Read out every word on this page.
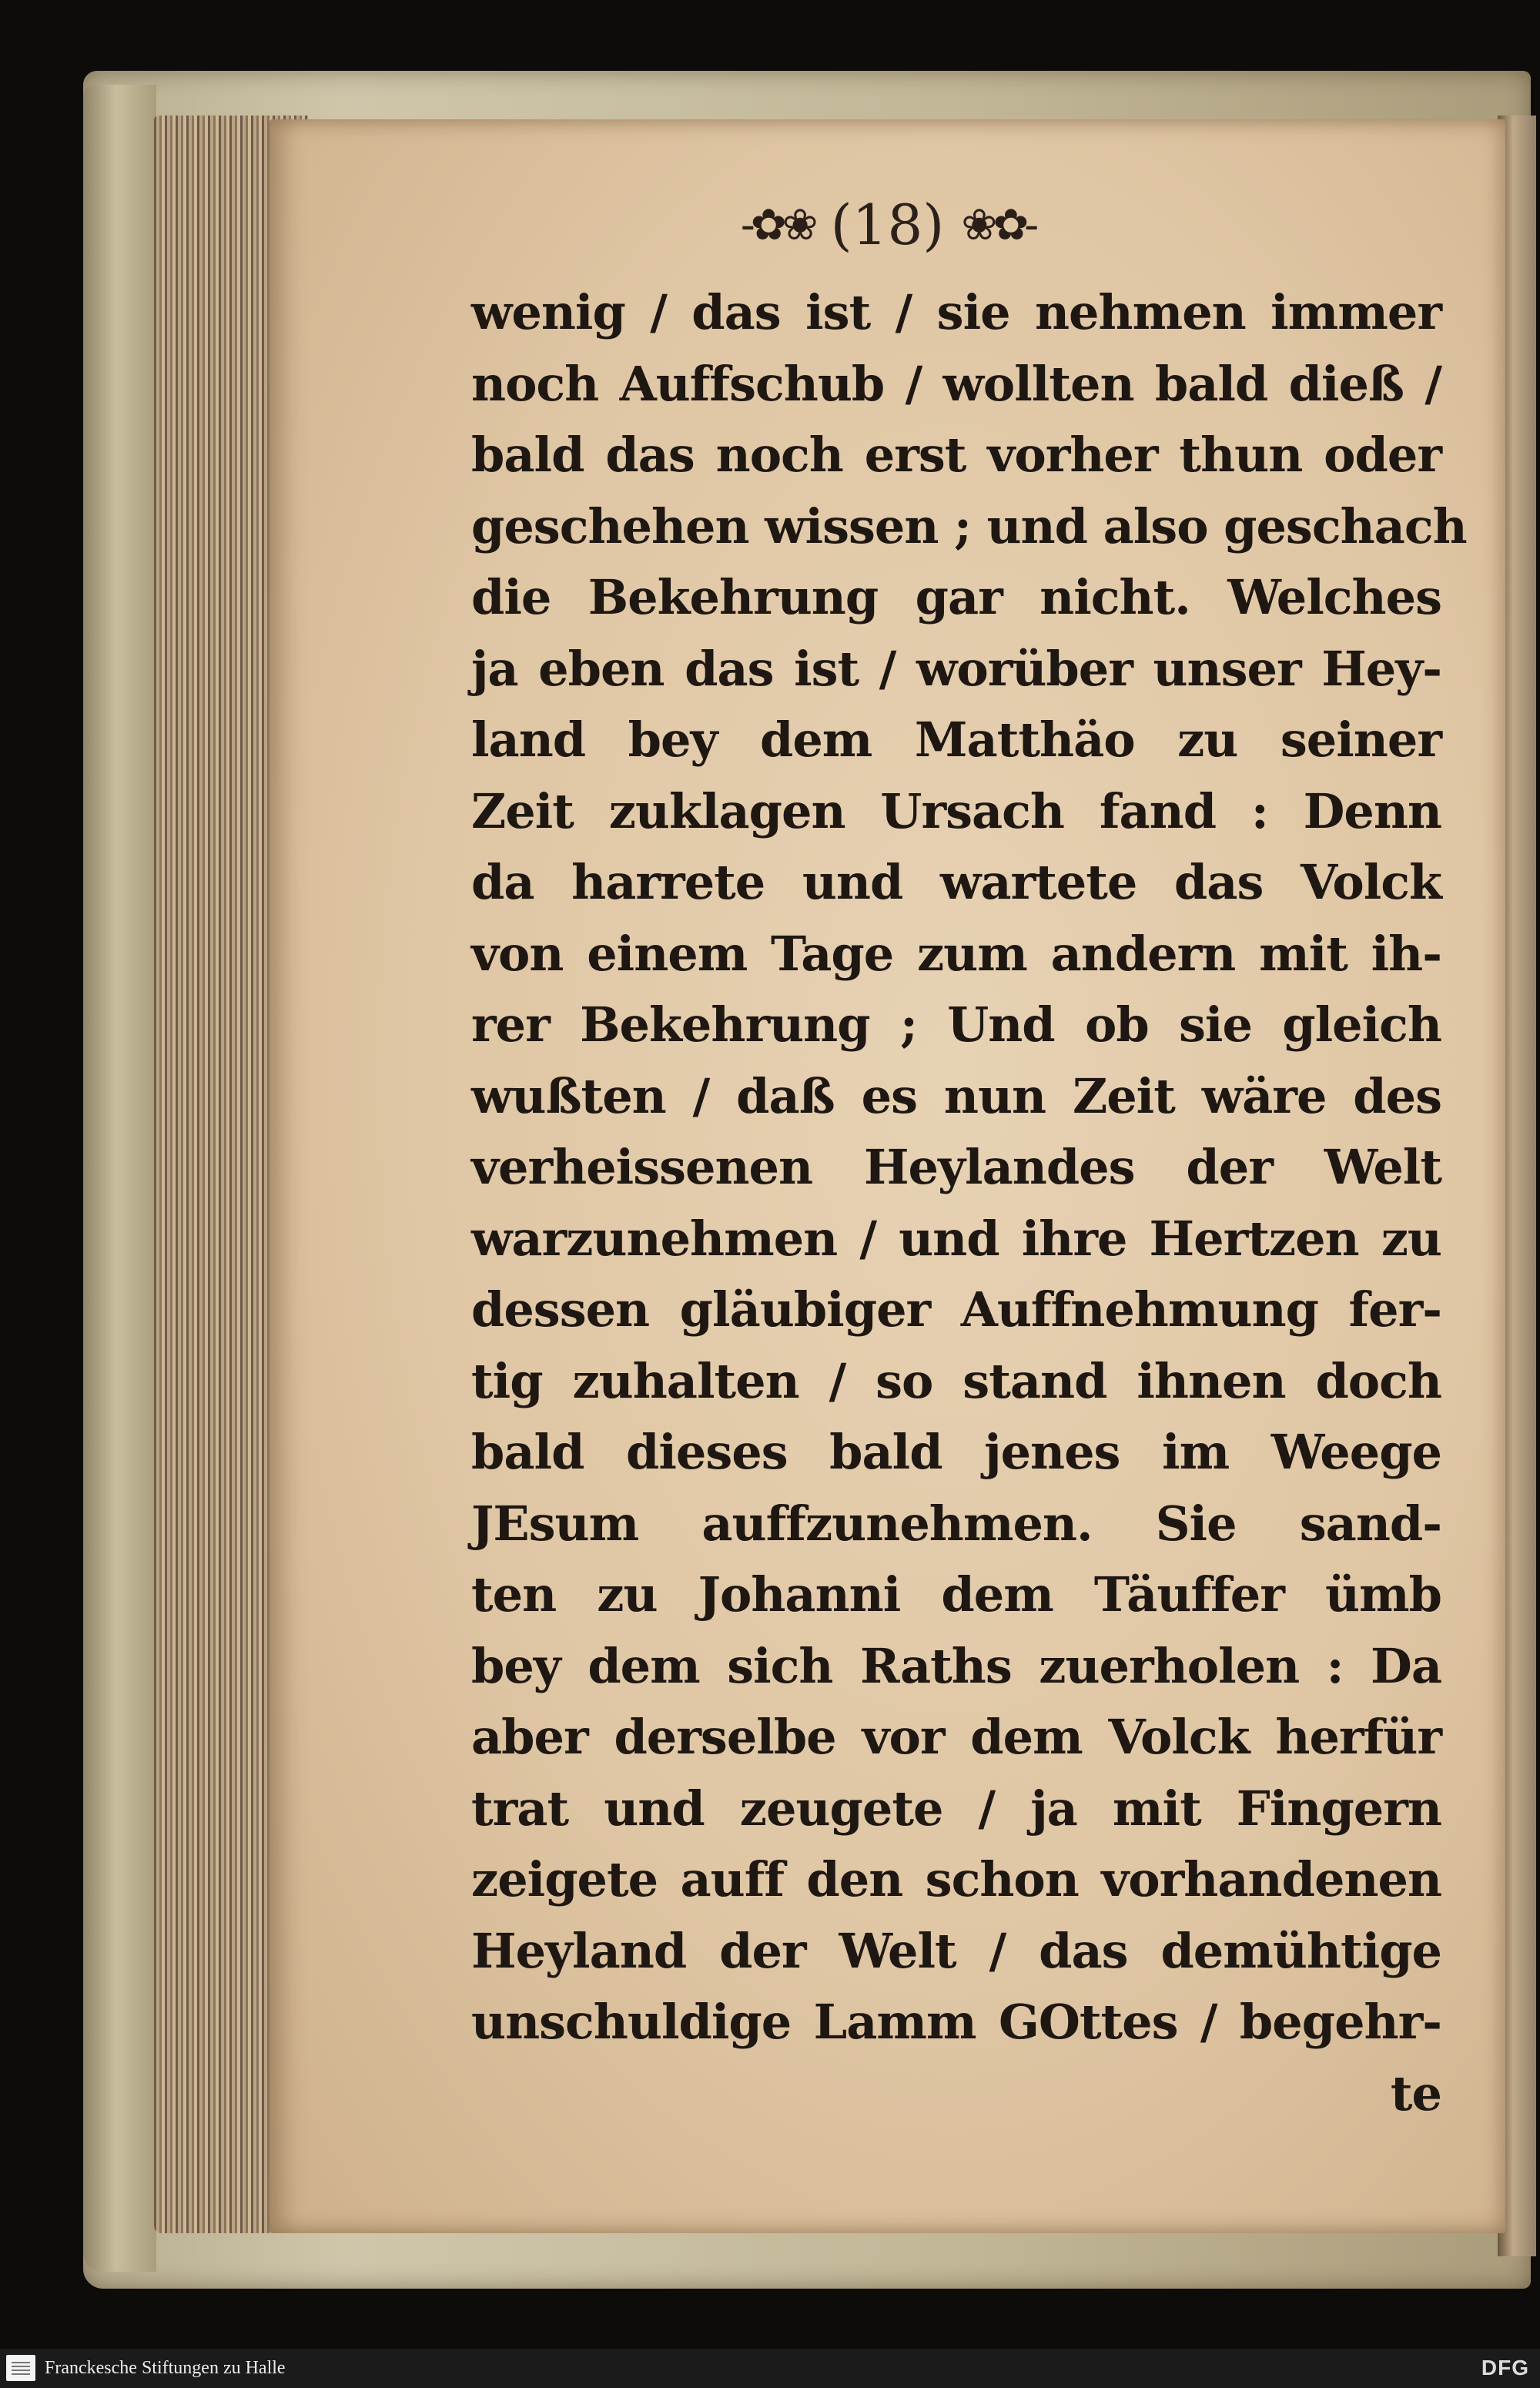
-✿❀ (18) ❀✿-
wenig / das ist / sie nehmen immer
noch Auffschub / wollten bald dieß /
bald das noch erst vorher thun oder
geschehen wissen ; und also geschach
die Bekehrung gar nicht. Welches
ja eben das ist / worüber unser Hey-
land bey dem Matthäo zu seiner
Zeit zuklagen Ursach fand : Denn
da harrete und wartete das Volck
von einem Tage zum andern mit ih-
rer Bekehrung ; Und ob sie gleich
wußten / daß es nun Zeit wäre des
verheissenen Heylandes der Welt
warzunehmen / und ihre Hertzen zu
dessen gläubiger Auffnehmung fer-
tig zuhalten / so stand ihnen doch
bald dieses bald jenes im Weege
JEsum auffzunehmen. Sie sand-
ten zu Johanni dem Täuffer ümb
bey dem sich Raths zuerholen : Da
aber derselbe vor dem Volck herfür
trat und zeugete / ja mit Fingern
zeigete auff den schon vorhandenen
Heyland der Welt / das demühtige
unschuldige Lamm GOttes / begehr-
te
Franckesche Stiftungen zu Halle	DFG
